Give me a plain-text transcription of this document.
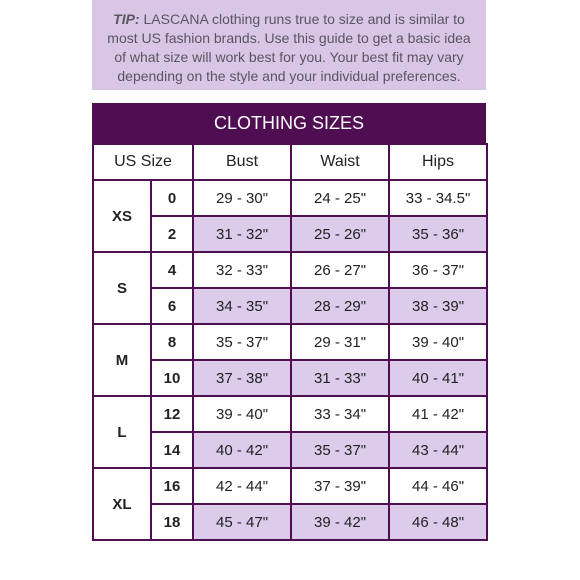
TIP: LASCANA clothing runs true to size and is similar to most US fashion brands. Use this guide to get a basic idea of what size will work best for you. Your best fit may vary depending on the style and your individual preferences.
CLOTHING SIZES
US Size		Bust	Waist	Hips
XS	0	29 - 30"	24 - 25"	33 - 34.5"
	2	31 - 32"	25 - 26"	35 - 36"
S	4	32 - 33"	26 - 27"	36 - 37"
	6	34 - 35"	28 - 29"	38 - 39"
M	8	35 - 37"	29 - 31"	39 - 40"
	10	37 - 38"	31 - 33"	40 - 41"
L	12	39 - 40"	33 - 34"	41 - 42"
	14	40 - 42"	35 - 37"	43 - 44"
XL	16	42 - 44"	37 - 39"	44 - 46"
	18	45 - 47"	39 - 42"	46 - 48"
